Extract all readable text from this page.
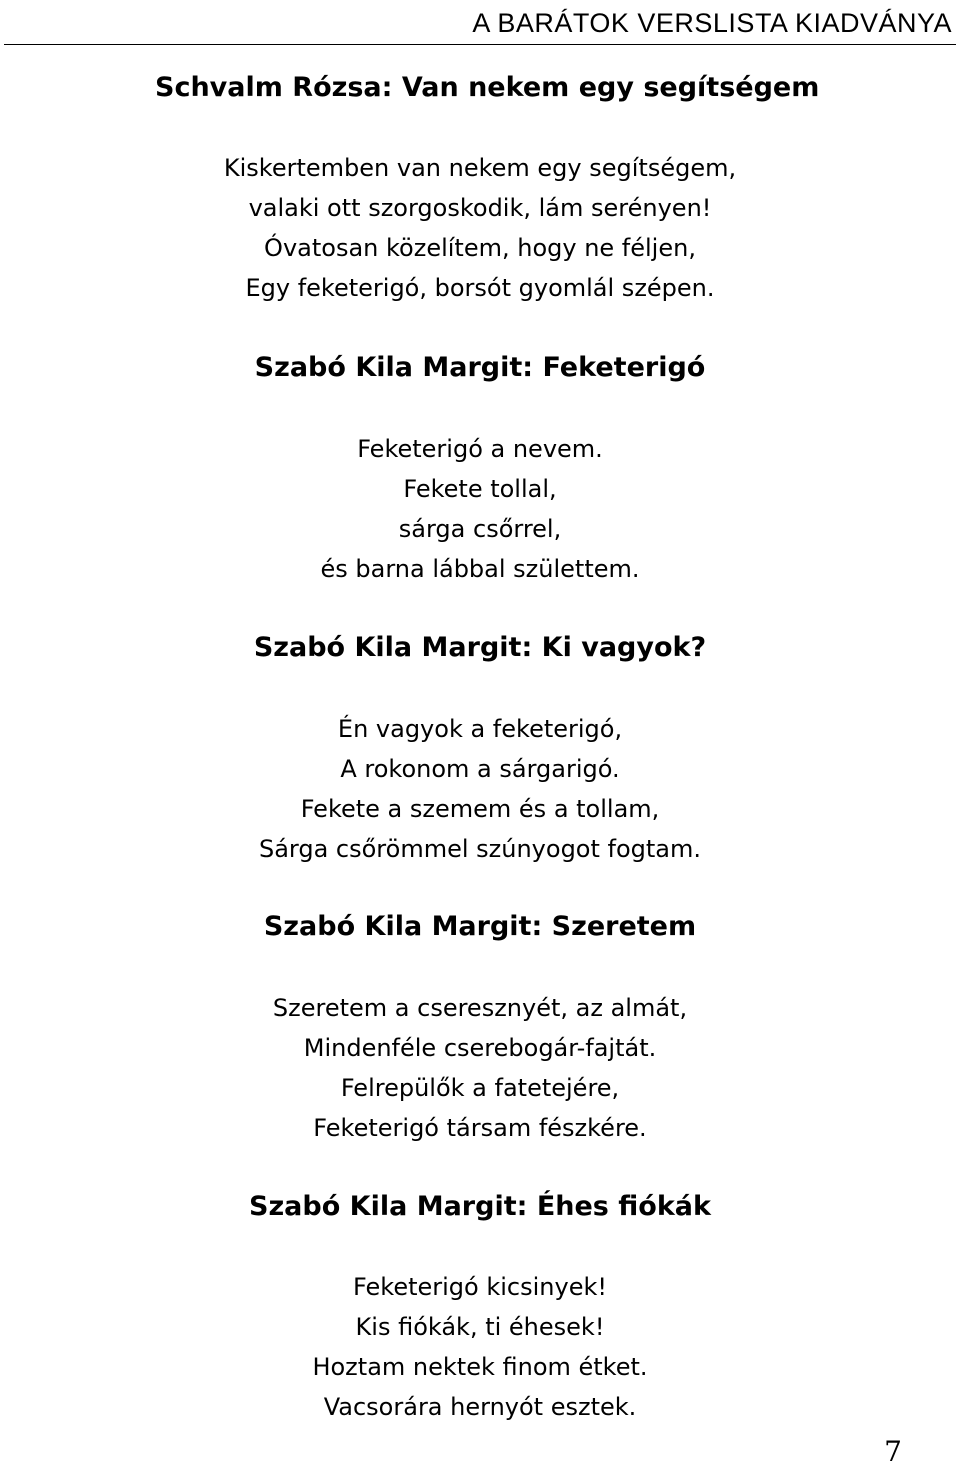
A BARÁTOK VERSLISTA KIADVÁNYA
Schvalm Rózsa: Van nekem egy segítségem
Kiskertemben van nekem egy segítségem,
valaki ott szorgoskodik, lám serényen!
Óvatosan közelítem, hogy ne féljen,
Egy feketerigó, borsót gyomlál szépen.
Szabó Kila Margit: Feketerigó
Feketerigó a nevem.
Fekete tollal,
sárga csőrrel,
és barna lábbal születtem.
Szabó Kila Margit: Ki vagyok?
Én vagyok a feketerigó,
A rokonom a sárgarigó.
Fekete a szemem és a tollam,
Sárga csőrömmel szúnyogot fogtam.
Szabó Kila Margit: Szeretem
Szeretem a cseresznyét, az almát,
Mindenféle cserebogár-fajtát.
Felrepülők a fatetejére,
Feketerigó társam fészkére.
Szabó Kila Margit: Éhes fiókák
Feketerigó kicsinyek!
Kis fiókák, ti éhesek!
Hoztam nektek finom étket.
Vacsorára hernyót esztek.
7
